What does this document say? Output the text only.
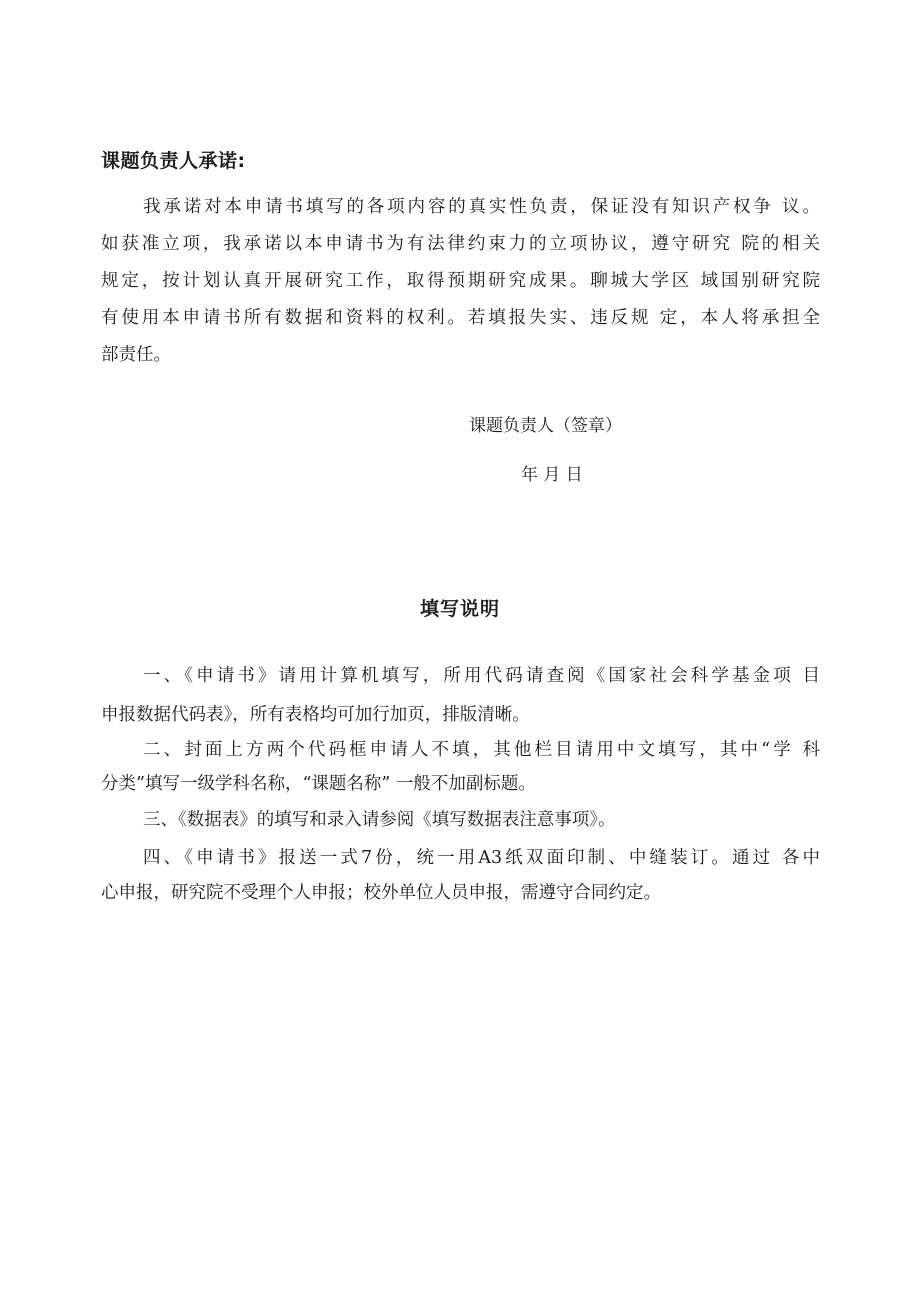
课题负责人承诺:
我承诺对本申请书填写的各项内容的真实性负责，保证没有知识产权争 议。
如获准立项，我承诺以本申请书为有法律约束力的立项协议，遵守研究 院的相关
规定，按计划认真开展研究工作，取得预期研究成果。聊城大学区 域国别研究院
有使用本申请书所有数据和资料的权利。若填报失实、违反规 定，本人将承担全
部责任。
课题负责人（签章）
年 月 日
填写说明
一、《申请书》请用计算机填写，所用代码请查阅《国家社会科学基金项 目
申报数据代码表》，所有表格均可加行加页，排版清晰。
二、封面上方两个代码框申请人不填，其他栏目请用中文填写，其中“学 科
分类”填写一级学科名称，“课题名称” 一般不加副标题。
三、《数据表》的填写和录入请参阅《填写数据表注意事项》。
四、《申请书》报送一式7份，统一用A3纸双面印制、中缝装订。通过 各中
心申报，研究院不受理个人申报；校外单位人员申报，需遵守合同约定。
